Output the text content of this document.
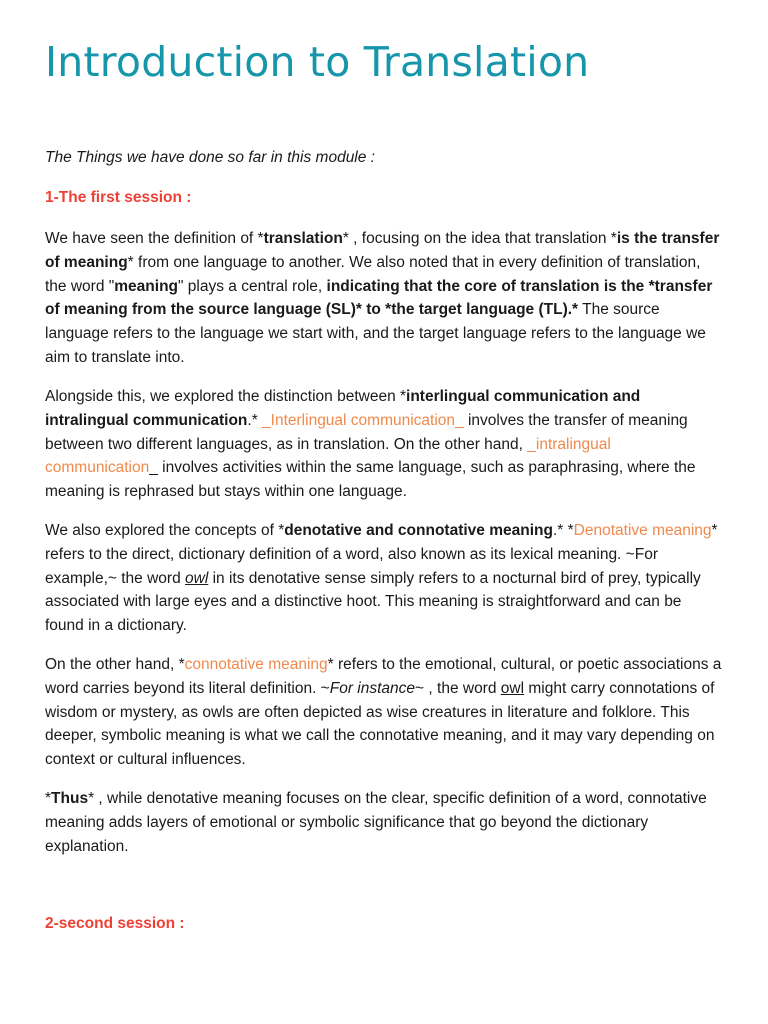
Introduction to Translation
The Things we have done so far in this module :
1-The first session :

We have seen the definition of *translation* , focusing on the idea that translation *is the transfer of meaning* from one language to another. We also noted that in every definition of translation, the word "meaning" plays a central role, indicating that the core of translation is the *transfer of meaning from the source language (SL)* to *the target language (TL).* The source language refers to the language we start with, and the target language refers to the language we aim to translate into.

Alongside this, we explored the distinction between *interlingual communication and intralingual communication.* _Interlingual communication_ involves the transfer of meaning between two different languages, as in translation. On the other hand, _intralingual communication_ involves activities within the same language, such as paraphrasing, where the meaning is rephrased but stays within one language.

We also explored the concepts of *denotative and connotative meaning.* *Denotative meaning* refers to the direct, dictionary definition of a word, also known as its lexical meaning. ~For example,~ the word owl in its denotative sense simply refers to a nocturnal bird of prey, typically associated with large eyes and a distinctive hoot. This meaning is straightforward and can be found in a dictionary.

On the other hand, *connotative meaning* refers to the emotional, cultural, or poetic associations a word carries beyond its literal definition. ~For instance~ , the word owl might carry connotations of wisdom or mystery, as owls are often depicted as wise creatures in literature and folklore. This deeper, symbolic meaning is what we call the connotative meaning, and it may vary depending on context or cultural influences.

*Thus* , while denotative meaning focuses on the clear, specific definition of a word, connotative meaning adds layers of emotional or symbolic significance that go beyond the dictionary explanation.

2-second session :
